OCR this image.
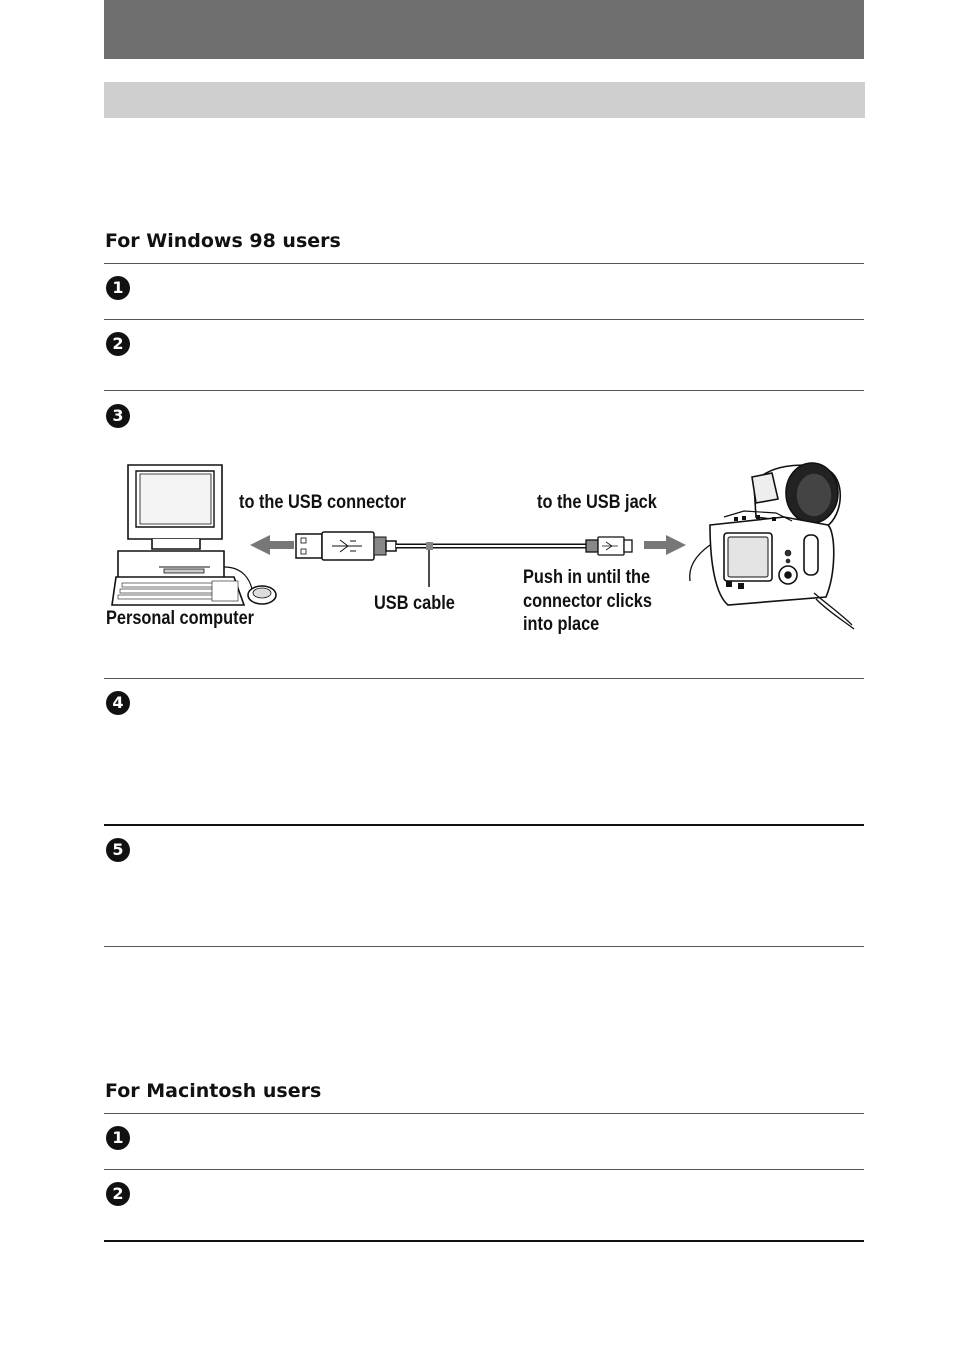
For Windows 98 users
1
2
3
to the USB connector	to the USB jack
Push in until the
connector clicks
into place
USB cable
Personal computer
4
5
For Macintosh users
1
2
